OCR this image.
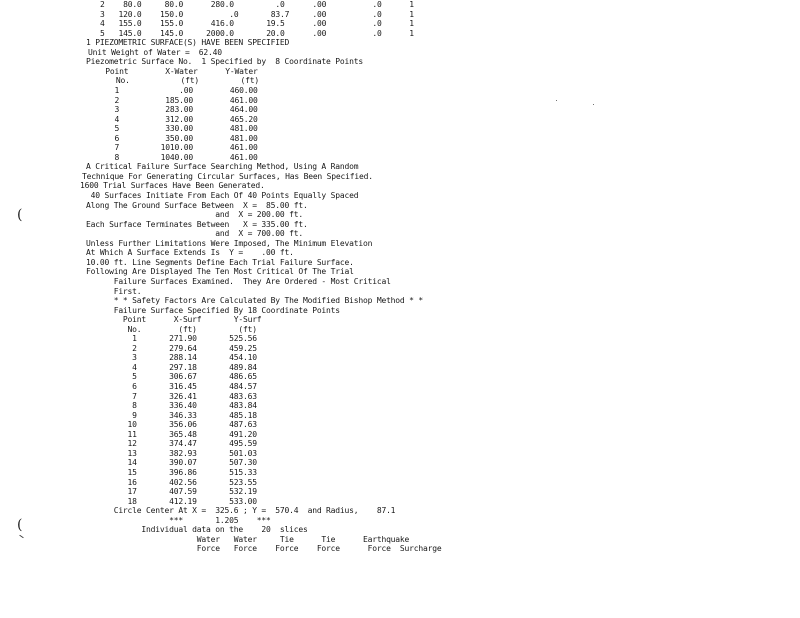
2    80.0     80.0      280.0         .0      .00          .0      1
3   120.0    150.0          .0       83.7     .00          .0      1
4   155.0    155.0      416.0       19.5      .00          .0      1
5   145.0    145.0     2000.0       20.0      .00          .0      1
1 PIEZOMETRIC SURFACE(S) HAVE BEEN SPECIFIED
Unit Weight of Water =  62.40
Piezometric Surface No.  1 Specified by  8 Coordinate Points
Point        X-Water      Y-Water
No.           (ft)         (ft)
1             .00        460.00
2          185.00        461.00
3          283.00        464.00
4          312.00        465.20
5          330.00        481.00
6          350.00        481.00
7         1010.00        461.00
8         1040.00        461.00
A Critical Failure Surface Searching Method, Using A Random
Technique For Generating Circular Surfaces, Has Been Specified.
1600 Trial Surfaces Have Been Generated.
40 Surfaces Initiate From Each Of 40 Points Equally Spaced
Along The Ground Surface Between  X =  85.00 ft.
and  X = 200.00 ft.
Each Surface Terminates Between   X = 335.00 ft.
and  X = 700.00 ft.
Unless Further Limitations Were Imposed, The Minimum Elevation
At Which A Surface Extends Is  Y =    .00 ft.
10.00 ft. Line Segments Define Each Trial Failure Surface.
Following Are Displayed The Ten Most Critical Of The Trial
Failure Surfaces Examined.  They Are Ordered - Most Critical
First.
* * Safety Factors Are Calculated By The Modified Bishop Method * *
Failure Surface Specified By 18 Coordinate Points
Point      X-Surf       Y-Surf
No.        (ft)         (ft)
1       271.90       525.56
2       279.64       459.25
3       288.14       454.10
4       297.18       489.84
5       306.67       486.65
6       316.45       484.57
7       326.41       483.63
8       336.40       483.84
9       346.33       485.18
10       356.06       487.63
11       365.48       491.20
12       374.47       495.59
13       382.93       501.03
14       390.07       507.30
15       396.86       515.33
16       402.56       523.55
17       407.59       532.19
18       412.19       533.00
Circle Center At X =  325.6 ; Y =  570.4  and Radius,    87.1
***       1.205    ***
Individual data on the    20  slices
Water   Water     Tie      Tie      Earthquake
Force   Force    Force    Force      Force  Surcharge
(
(
